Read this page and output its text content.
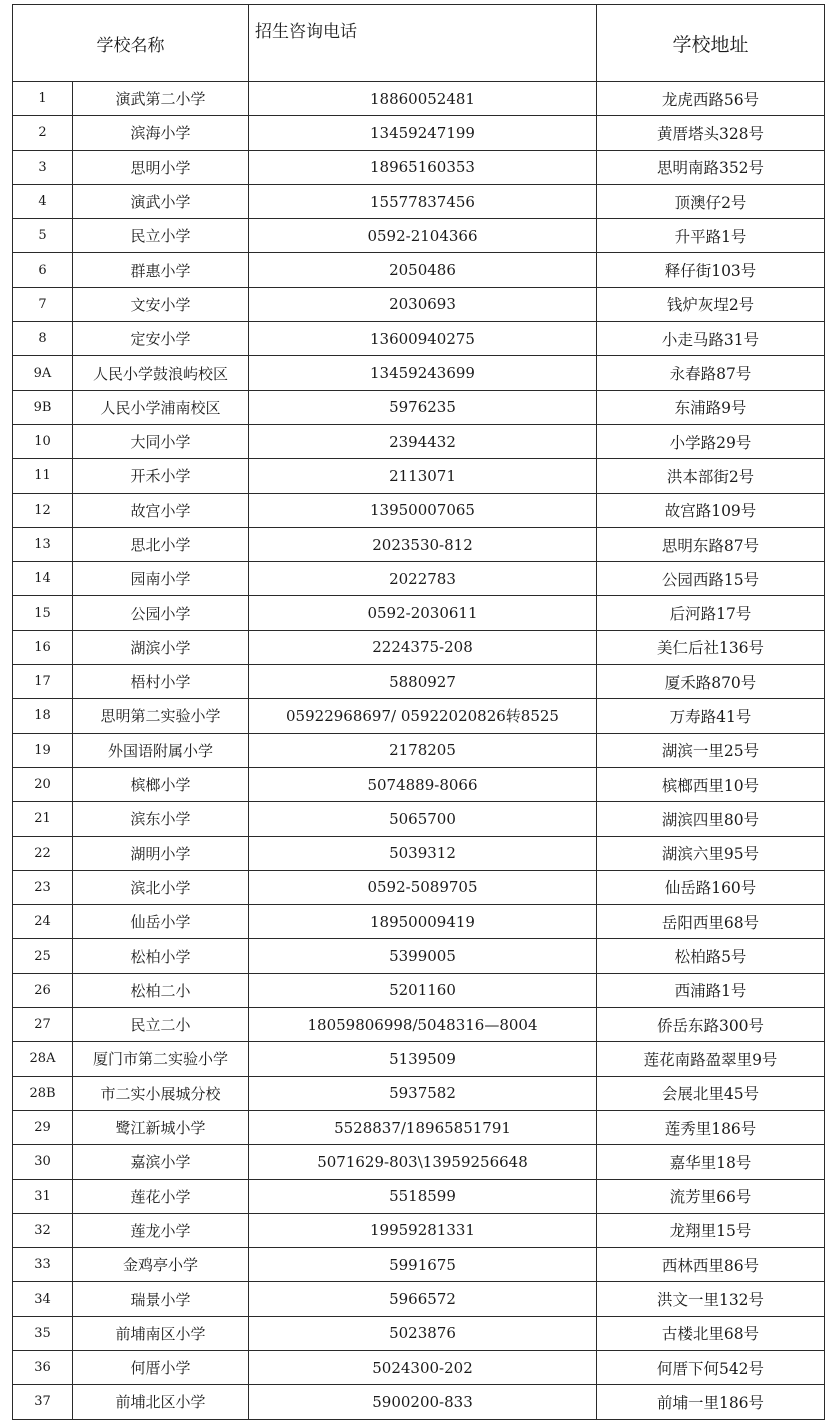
学校名称		招生咨询电话	学校地址
1	演武第二小学	18860052481	龙虎西路56号
2	滨海小学	13459247199	黄厝塔头328号
3	思明小学	18965160353	思明南路352号
4	演武小学	15577837456	顶澳仔2号
5	民立小学	0592-2104366	升平路1号
6	群惠小学	2050486	释仔街103号
7	文安小学	2030693	钱炉灰埕2号
8	定安小学	13600940275	小走马路31号
9A	人民小学鼓浪屿校区	13459243699	永春路87号
9B	人民小学浦南校区	5976235	东浦路9号
10	大同小学	2394432	小学路29号
11	开禾小学	2113071	洪本部街2号
12	故宫小学	13950007065	故宫路109号
13	思北小学	2023530-812	思明东路87号
14	园南小学	2022783	公园西路15号
15	公园小学	0592-2030611	后河路17号
16	湖滨小学	2224375-208	美仁后社136号
17	梧村小学	5880927	厦禾路870号
18	思明第二实验小学	05922968697/ 05922020826转8525	万寿路41号
19	外国语附属小学	2178205	湖滨一里25号
20	槟榔小学	5074889-8066	槟榔西里10号
21	滨东小学	5065700	湖滨四里80号
22	湖明小学	5039312	湖滨六里95号
23	滨北小学	0592-5089705	仙岳路160号
24	仙岳小学	18950009419	岳阳西里68号
25	松柏小学	5399005	松柏路5号
26	松柏二小	5201160	西浦路1号
27	民立二小	18059806998/5048316—8004	侨岳东路300号
28A	厦门市第二实验小学	5139509	莲花南路盈翠里9号
28B	市二实小展城分校	5937582	会展北里45号
29	鹭江新城小学	5528837/18965851791	莲秀里186号
30	嘉滨小学	5071629-803\13959256648	嘉华里18号
31	莲花小学	5518599	流芳里66号
32	莲龙小学	19959281331	龙翔里15号
33	金鸡亭小学	5991675	西林西里86号
34	瑞景小学	5966572	洪文一里132号
35	前埔南区小学	5023876	古楼北里68号
36	何厝小学	5024300-202	何厝下何542号
37	前埔北区小学	5900200-833	前埔一里186号
